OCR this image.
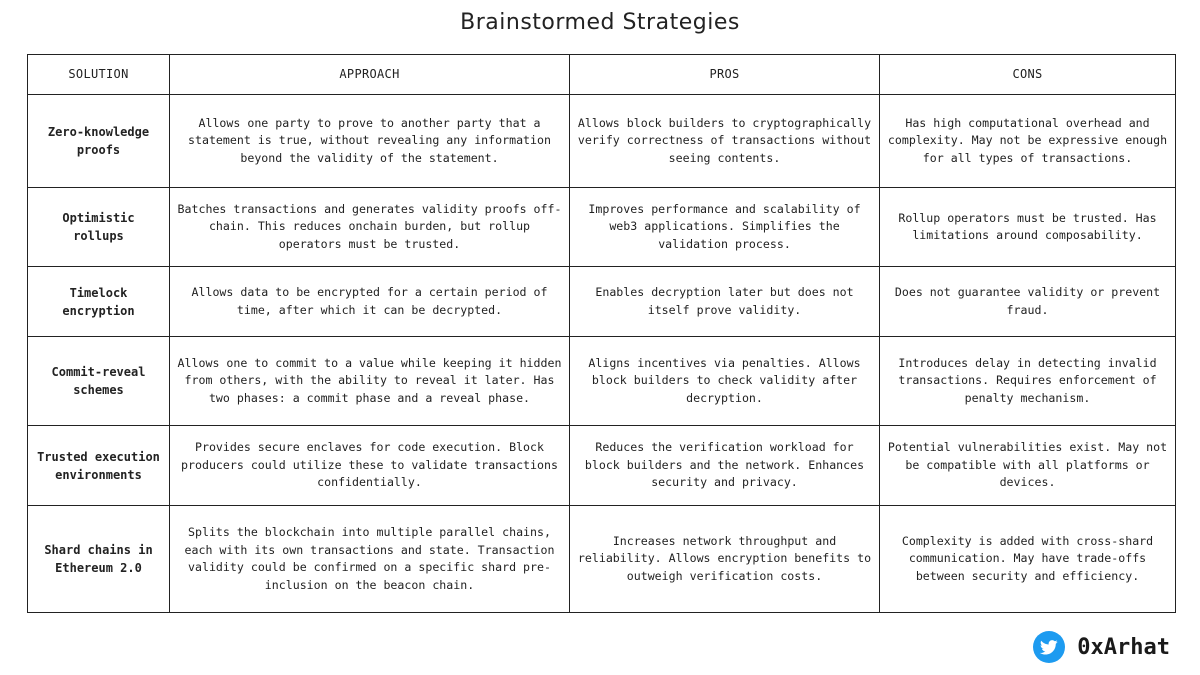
Brainstormed Strategies
SOLUTION	APPROACH	PROS	CONS
Zero-knowledge proofs	Allows one party to prove to another party that a statement is true, without revealing any information beyond the validity of the statement.	Allows block builders to cryptographically verify correctness of transactions without seeing contents.	Has high computational overhead and complexity. May not be expressive enough for all types of transactions.
Optimistic rollups	Batches transactions and generates validity proofs off-chain. This reduces onchain burden, but rollup operators must be trusted.	Improves performance and scalability of web3 applications. Simplifies the validation process.	Rollup operators must be trusted. Has limitations around composability.
Timelock encryption	Allows data to be encrypted for a certain period of time, after which it can be decrypted.	Enables decryption later but does not itself prove validity.	Does not guarantee validity or prevent fraud.
Commit-reveal schemes	Allows one to commit to a value while keeping it hidden from others, with the ability to reveal it later. Has two phases: a commit phase and a reveal phase.	Aligns incentives via penalties. Allows block builders to check validity after decryption.	Introduces delay in detecting invalid transactions. Requires enforcement of penalty mechanism.
Trusted execution environments	Provides secure enclaves for code execution. Block producers could utilize these to validate transactions confidentially.	Reduces the verification workload for block builders and the network. Enhances security and privacy.	Potential vulnerabilities exist. May not be compatible with all platforms or devices.
Shard chains in Ethereum 2.0	Splits the blockchain into multiple parallel chains, each with its own transactions and state. Transaction validity could be confirmed on a specific shard pre-inclusion on the beacon chain.	Increases network throughput and reliability. Allows encryption benefits to outweigh verification costs.	Complexity is added with cross-shard communication. May have trade-offs between security and efficiency.
0xArhat
